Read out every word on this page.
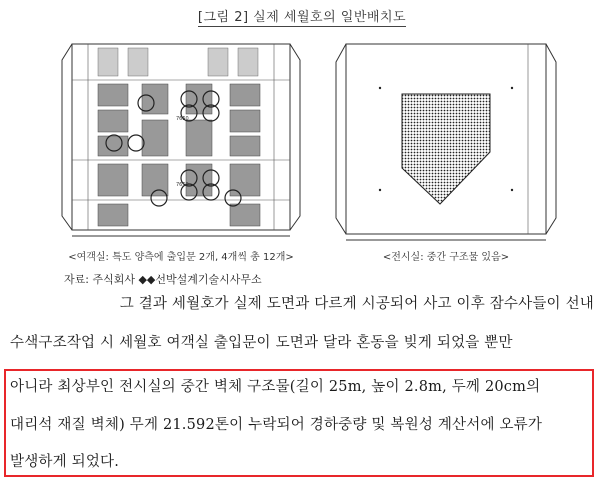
[그림 2] 실제 세월호의 일반배치도
7650
7650
<여객실: 특도 양측에 출입문 2개, 4개씩 총 12개>	<전시실: 중간 구조물 있음>
자료: 주식회사 ◆◆선박설계기술시사무소
그 결과 세월호가 실제 도면과 다르게 시공되어 사고 이후 잠수사들이 선내
수색구조작업 시 세월호 여객실 출입문이 도면과 달라 혼동을 빚게 되었을 뿐만
아니라 최상부인 전시실의 중간 벽체 구조물(길이 25m, 높이 2.8m, 두께 20cm의
대리석 재질 벽체) 무게 21.592톤이 누락되어 경하중량 및 복원성 계산서에 오류가
발생하게 되었다.
